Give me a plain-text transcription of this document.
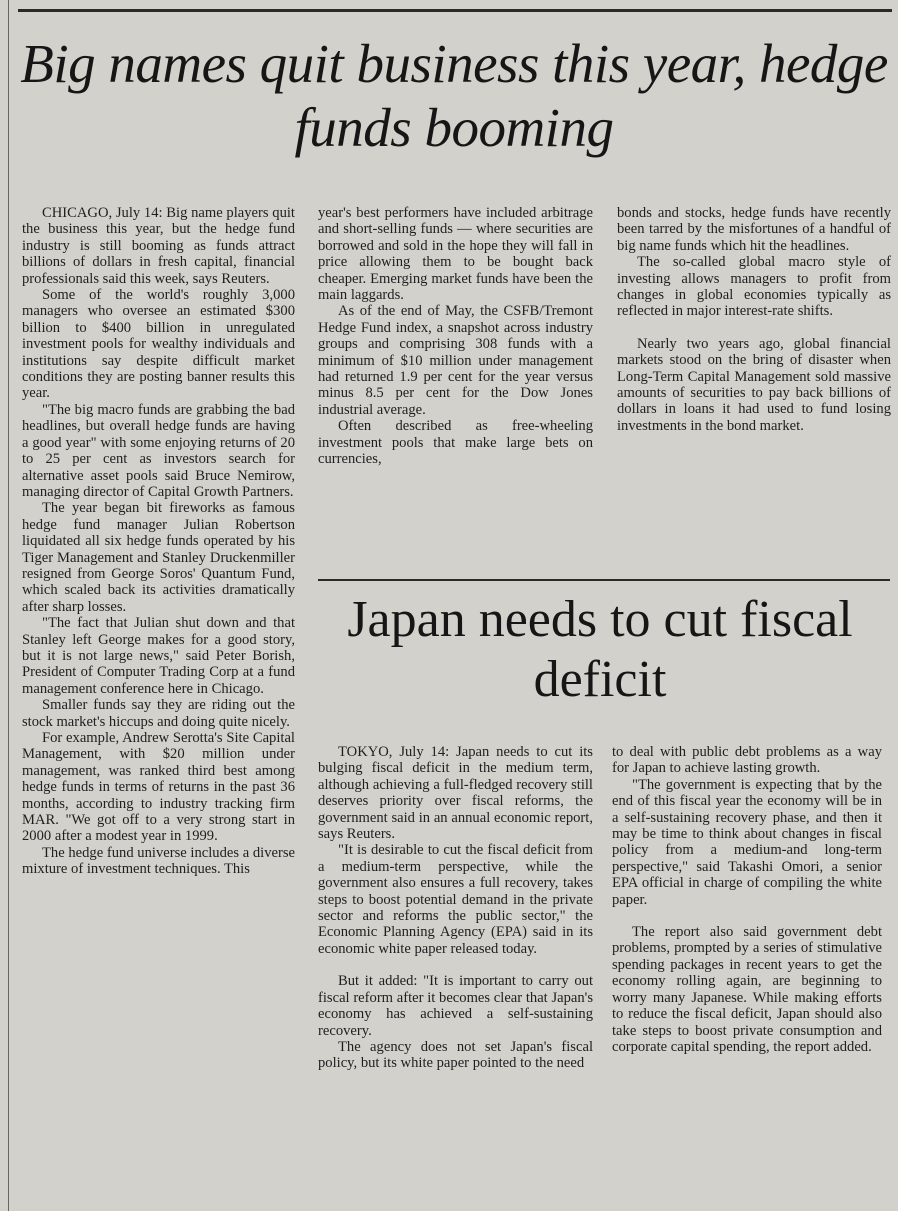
Big names quit business this year, hedge funds booming

CHICAGO, July 14: Big name players quit the business this year, but the hedge fund industry is still booming as funds attract billions of dollars in fresh capital, financial professionals said this week, says Reuters.

Some of the world's roughly 3,000 managers who oversee an estimated $300 billion to $400 billion in unregulated investment pools for wealthy individuals and institutions say despite difficult market conditions they are posting banner results this year.

"The big macro funds are grabbing the bad headlines, but overall hedge funds are having a good year" with some enjoying returns of 20 to 25 per cent as investors search for alternative asset pools said Bruce Nemirow, managing director of Capital Growth Partners.

The year began bit fireworks as famous hedge fund manager Julian Robertson liquidated all six hedge funds operated by his Tiger Management and Stanley Druckenmiller resigned from George Soros' Quantum Fund, which scaled back its activities dramatically after sharp losses.

"The fact that Julian shut down and that Stanley left George makes for a good story, but it is not large news," said Peter Borish, President of Computer Trading Corp at a fund management conference here in Chicago.

Smaller funds say they are riding out the stock market's hiccups and doing quite nicely.

For example, Andrew Serotta's Site Capital Management, with $20 million under management, was ranked third best among hedge funds in terms of returns in the past 36 months, according to industry tracking firm MAR. "We got off to a very strong start in 2000 after a modest year in 1999.

The hedge fund universe includes a diverse mixture of investment techniques. This

year's best performers have included arbitrage and short-selling funds — where securities are borrowed and sold in the hope they will fall in price allowing them to be bought back cheaper. Emerging market funds have been the main laggards.

As of the end of May, the CSFB/Tremont Hedge Fund index, a snapshot across industry groups and comprising 308 funds with a minimum of $10 million under management had returned 1.9 per cent for the year versus minus 8.5 per cent for the Dow Jones industrial average.

Often described as free-wheeling investment pools that make large bets on currencies,

bonds and stocks, hedge funds have recently been tarred by the misfortunes of a handful of big name funds which hit the headlines.

The so-called global macro style of investing allows managers to profit from changes in global economies typically as reflected in major interest-rate shifts.

Nearly two years ago, global financial markets stood on the bring of disaster when Long-Term Capital Management sold massive amounts of securities to pay back billions of dollars in loans it had used to fund losing investments in the bond market.

Japan needs to cut fiscal deficit

TOKYO, July 14: Japan needs to cut its bulging fiscal deficit in the medium term, although achieving a full-fledged recovery still deserves priority over fiscal reforms, the government said in an annual economic report, says Reuters.

"It is desirable to cut the fiscal deficit from a medium-term perspective, while the government also ensures a full recovery, takes steps to boost potential demand in the private sector and reforms the public sector," the Economic Planning Agency (EPA) said in its economic white paper released today.

But it added: "It is important to carry out fiscal reform after it becomes clear that Japan's economy has achieved a self-sustaining recovery.

The agency does not set Japan's fiscal policy, but its white paper pointed to the need

to deal with public debt problems as a way for Japan to achieve lasting growth.

"The government is expecting that by the end of this fiscal year the economy will be in a self-sustaining recovery phase, and then it may be time to think about changes in fiscal policy from a medium-and long-term perspective," said Takashi Omori, a senior EPA official in charge of compiling the white paper.

The report also said government debt problems, prompted by a series of stimulative spending packages in recent years to get the economy rolling again, are beginning to worry many Japanese. While making efforts to reduce the fiscal deficit, Japan should also take steps to boost private consumption and corporate capital spending, the report added.
